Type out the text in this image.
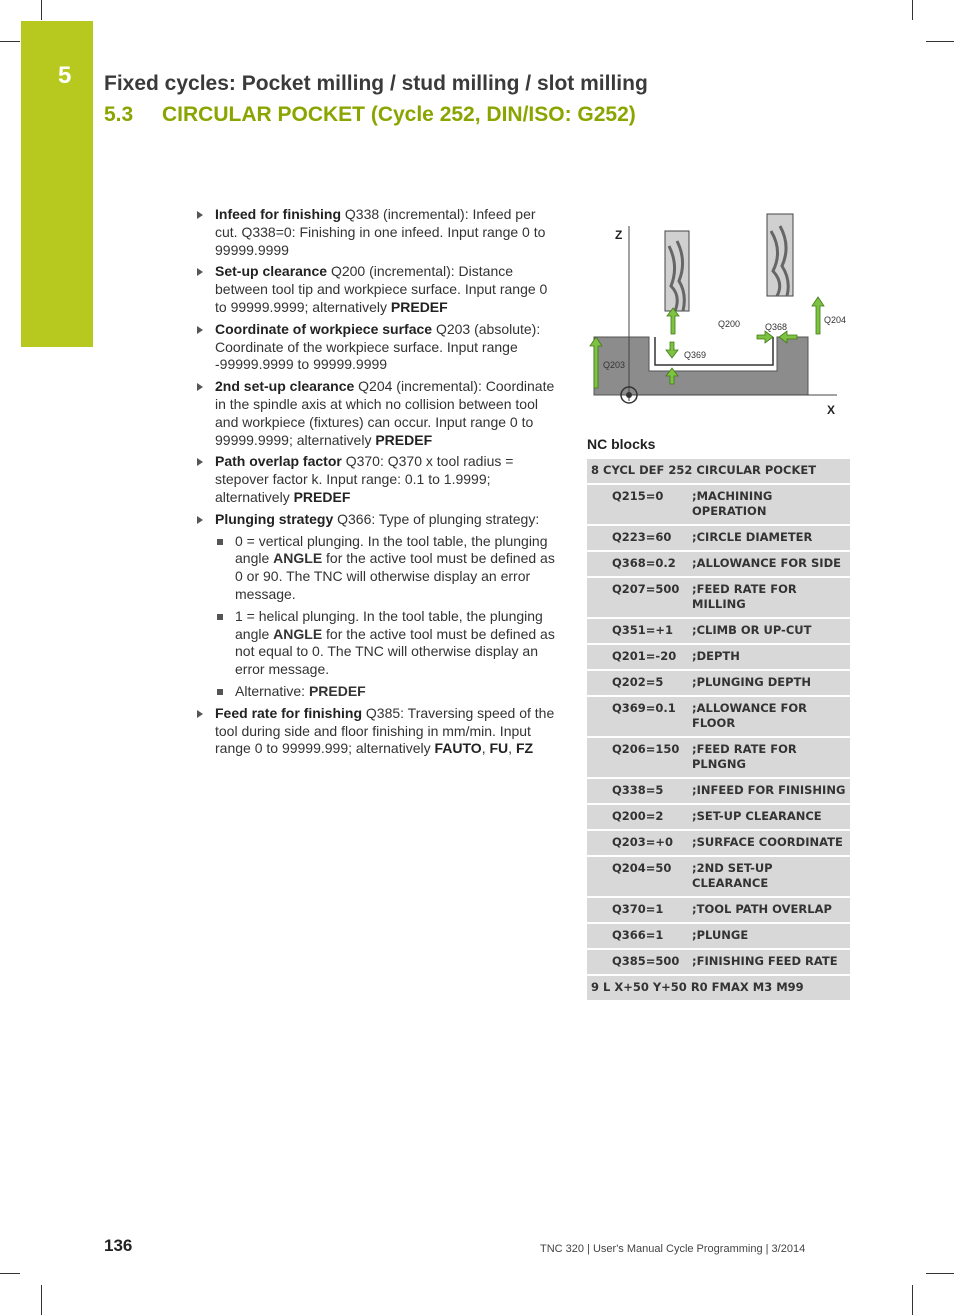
5 Fixed cycles: Pocket milling / stud milling / slot milling
5.3 CIRCULAR POCKET (Cycle 252, DIN/ISO: G252)
Infeed for finishing Q338 (incremental): Infeed per cut. Q338=0: Finishing in one infeed. Input range 0 to 99999.9999
Set-up clearance Q200 (incremental): Distance between tool tip and workpiece surface. Input range 0 to 99999.9999; alternatively PREDEF
Coordinate of workpiece surface Q203 (absolute): Coordinate of the workpiece surface. Input range -99999.9999 to 99999.9999
2nd set-up clearance Q204 (incremental): Coordinate in the spindle axis at which no collision between tool and workpiece (fixtures) can occur. Input range 0 to 99999.9999; alternatively PREDEF
Path overlap factor Q370: Q370 x tool radius = stepover factor k. Input range: 0.1 to 1.9999; alternatively PREDEF
Plunging strategy Q366: Type of plunging strategy:
0 = vertical plunging. In the tool table, the plunging angle ANGLE for the active tool must be defined as 0 or 90. The TNC will otherwise display an error message.
1 = helical plunging. In the tool table, the plunging angle ANGLE for the active tool must be defined as not equal to 0. The TNC will otherwise display an error message.
Alternative: PREDEF
Feed rate for finishing Q385: Traversing speed of the tool during side and floor finishing in mm/min. Input range 0 to 99999.999; alternatively FAUTO, FU, FZ
Z
X
Q200	Q368
Q204
Q203
Q369
NC blocks
8 CYCL DEF 252 CIRCULAR POCKET	
Q215=0	;MACHINING OPERATION
Q223=60	;CIRCLE DIAMETER
Q368=0.2	;ALLOWANCE FOR SIDE
Q207=500	;FEED RATE FOR MILLING
Q351=+1	;CLIMB OR UP-CUT
Q201=-20	;DEPTH
Q202=5	;PLUNGING DEPTH
Q369=0.1	;ALLOWANCE FOR FLOOR
Q206=150	;FEED RATE FOR PLNGNG
Q338=5	;INFEED FOR FINISHING
Q200=2	;SET-UP CLEARANCE
Q203=+0	;SURFACE COORDINATE
Q204=50	;2ND SET-UP CLEARANCE
Q370=1	;TOOL PATH OVERLAP
Q366=1	;PLUNGE
Q385=500	;FINISHING FEED RATE
9 L X+50 Y+50 R0 FMAX M3 M99	
136	TNC 320 | User's Manual Cycle Programming | 3/2014
